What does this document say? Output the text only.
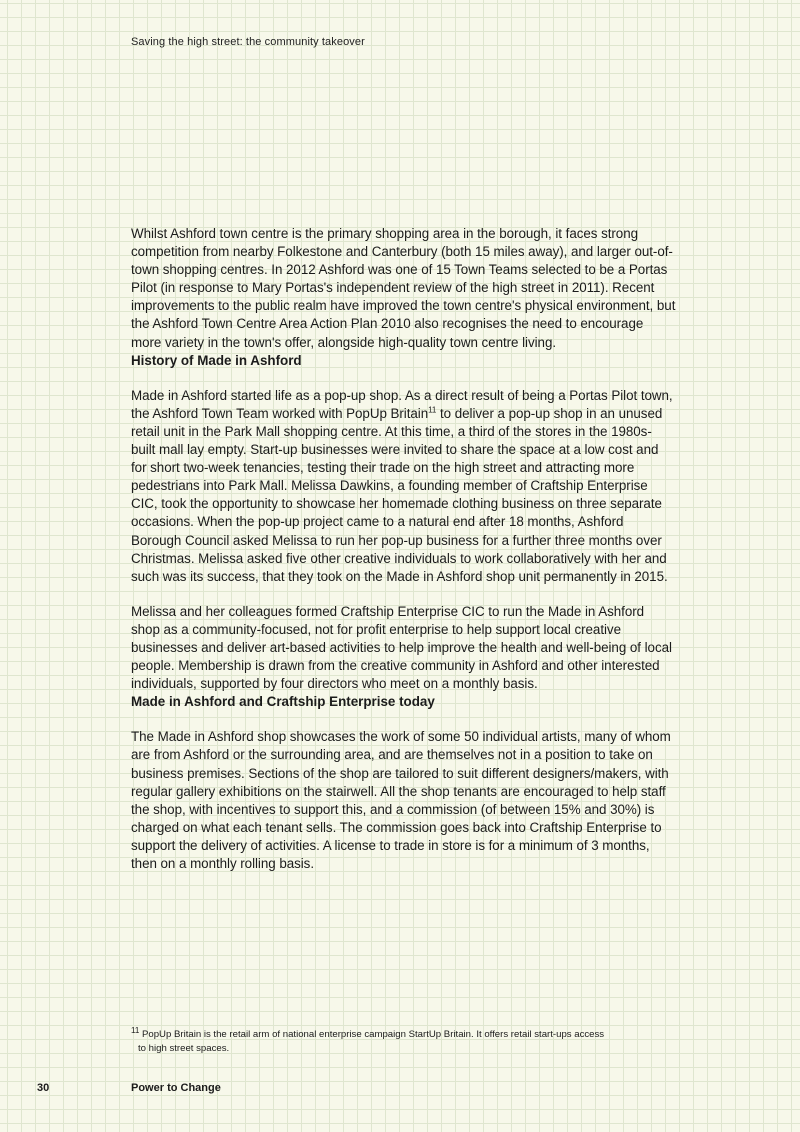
Saving the high street: the community takeover

Whilst Ashford town centre is the primary shopping area in the borough, it faces strong competition from nearby Folkestone and Canterbury (both 15 miles away), and larger out-of-town shopping centres. In 2012 Ashford was one of 15 Town Teams selected to be a Portas Pilot (in response to Mary Portas's independent review of the high street in 2011). Recent improvements to the public realm have improved the town centre's physical environment, but the Ashford Town Centre Area Action Plan 2010 also recognises the need to encourage more variety in the town's offer, alongside high-quality town centre living.

History of Made in Ashford

Made in Ashford started life as a pop-up shop. As a direct result of being a Portas Pilot town, the Ashford Town Team worked with PopUp Britain$^{11}$ to deliver a pop-up shop in an unused retail unit in the Park Mall shopping centre. At this time, a third of the stores in the 1980s-built mall lay empty. Start-up businesses were invited to share the space at a low cost and for short two-week tenancies, testing their trade on the high street and attracting more pedestrians into Park Mall. Melissa Dawkins, a founding member of Craftship Enterprise CIC, took the opportunity to showcase her homemade clothing business on three separate occasions. When the pop-up project came to a natural end after 18 months, Ashford Borough Council asked Melissa to run her pop-up business for a further three months over Christmas. Melissa asked five other creative individuals to work collaboratively with her and such was its success, that they took on the Made in Ashford shop unit permanently in 2015.

Melissa and her colleagues formed Craftship Enterprise CIC to run the Made in Ashford shop as a community-focused, not for profit enterprise to help support local creative businesses and deliver art-based activities to help improve the health and well-being of local people. Membership is drawn from the creative community in Ashford and other interested individuals, supported by four directors who meet on a monthly basis.

Made in Ashford and Craftship Enterprise today

The Made in Ashford shop showcases the work of some 50 individual artists, many of whom are from Ashford or the surrounding area, and are themselves not in a position to take on business premises. Sections of the shop are tailored to suit different designers/makers, with regular gallery exhibitions on the stairwell. All the shop tenants are encouraged to help staff the shop, with incentives to support this, and a commission (of between 15% and 30%) is charged on what each tenant sells. The commission goes back into Craftship Enterprise to support the delivery of activities. A license to trade in store is for a minimum of 3 months, then on a monthly rolling basis.

$^{11}$ PopUp Britain is the retail arm of national enterprise campaign StartUp Britain. It offers retail start-ups access
to high street spaces.
30	Power to Change
